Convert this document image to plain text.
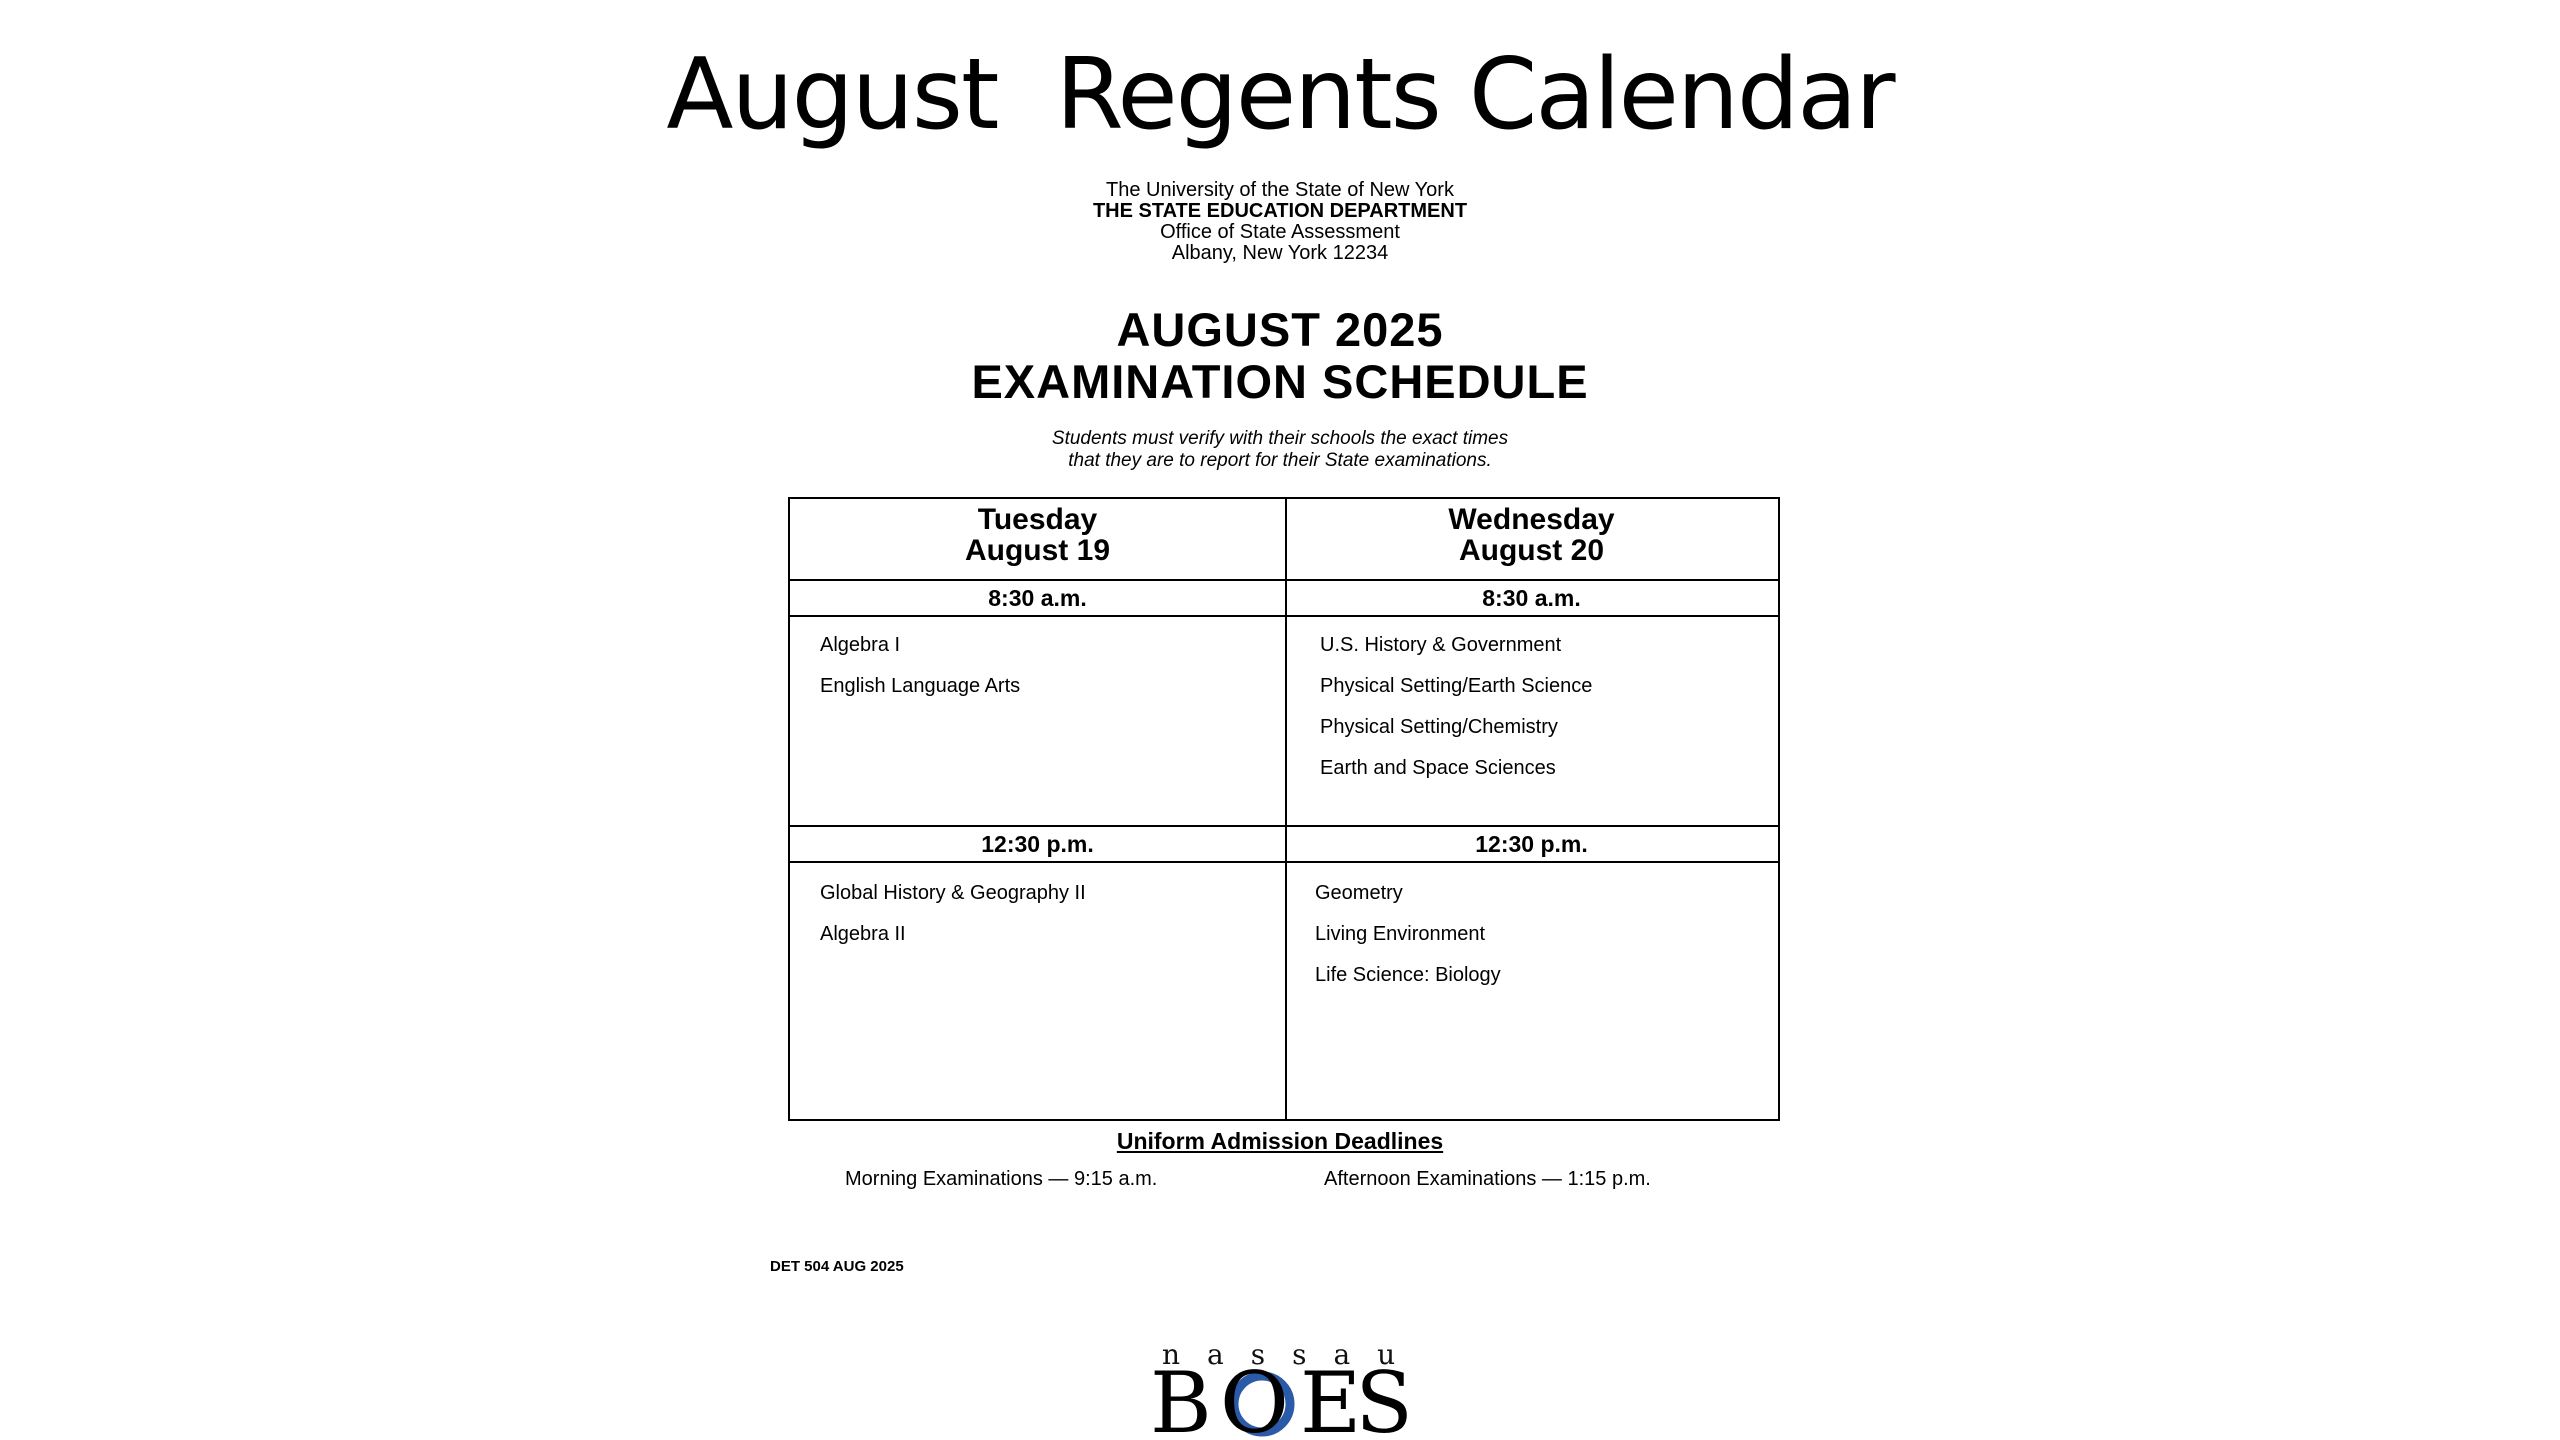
August  Regents Calendar
The University of the State of New York
THE STATE EDUCATION DEPARTMENT
Office of State Assessment
Albany, New York 12234
AUGUST 2025
EXAMINATION SCHEDULE
Students must verify with their schools the exact times
that they are to report for their State examinations.
Tuesday
August 19
8:30 a.m.
Algebra I
English Language Arts
12:30 p.m.
Global History & Geography II
Algebra II
Wednesday
August 20
8:30 a.m.
U.S. History & Government
Physical Setting/Earth Science
Physical Setting/Chemistry
Earth and Space Sciences
12:30 p.m.
Geometry
Living Environment
Life Science: Biology
Uniform Admission Deadlines
Morning Examinations — 9:15 a.m.	Afternoon Examinations — 1:15 p.m.
DET 504 AUG 2025
nassau
B O ES
